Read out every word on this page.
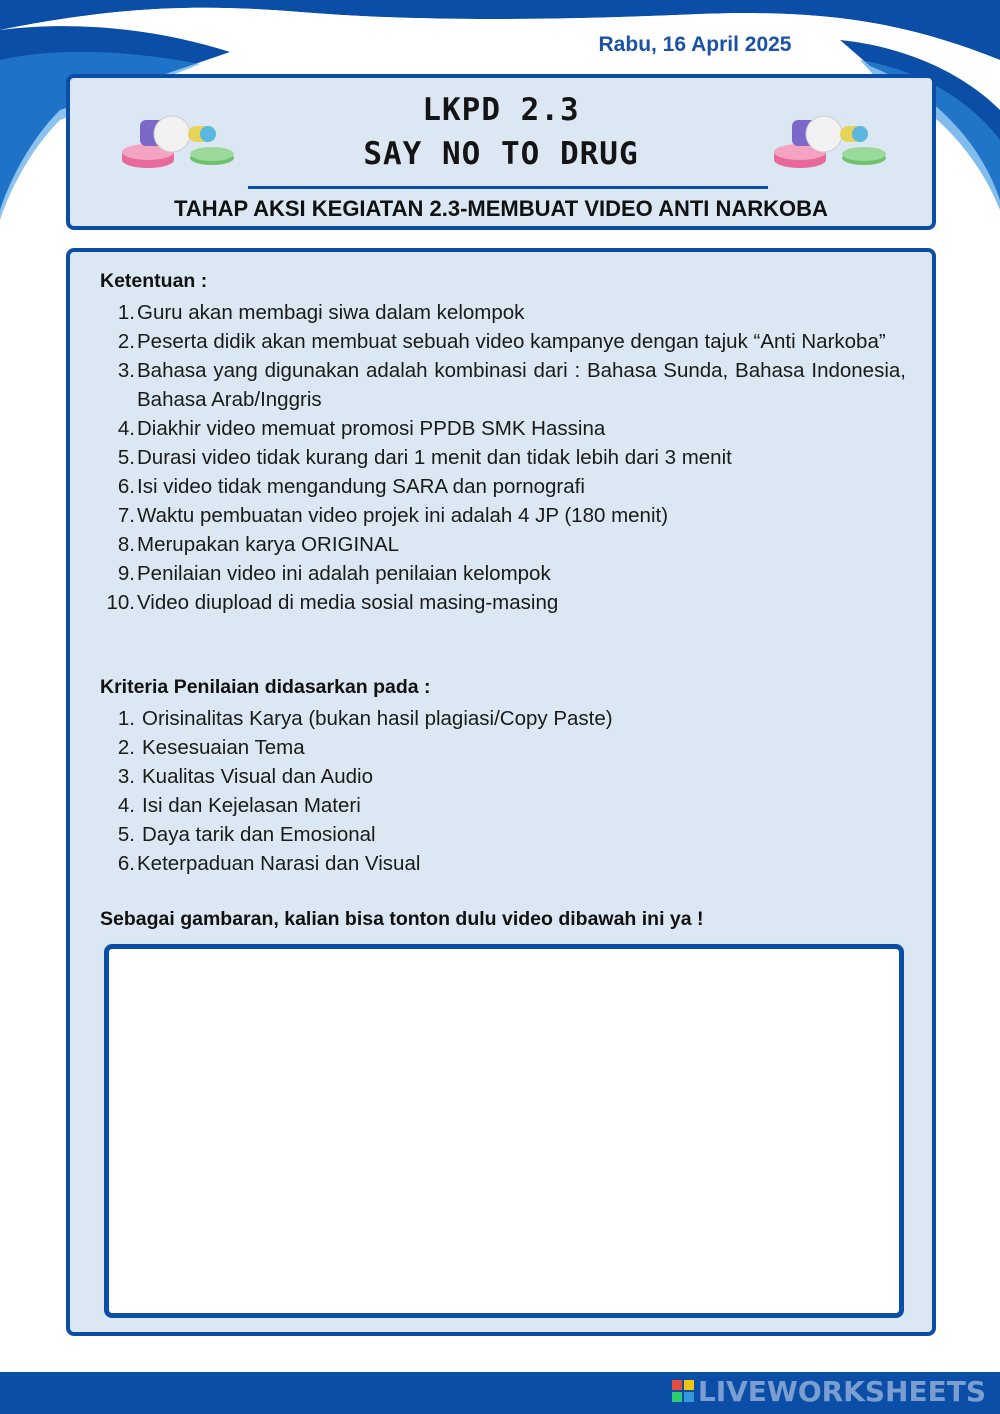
Rabu, 16 April 2025
LKPD 2.3
SAY NO TO DRUG
TAHAP AKSI KEGIATAN 2.3-MEMBUAT VIDEO ANTI NARKOBA
Ketentuan :
1. Guru akan membagi siwa dalam kelompok
2. Peserta didik akan membuat sebuah video kampanye dengan tajuk “Anti Narkoba”
3. Bahasa yang digunakan adalah kombinasi dari : Bahasa Sunda, Bahasa Indonesia, Bahasa Arab/Inggris
4. Diakhir video memuat promosi PPDB SMK Hassina
5. Durasi video tidak kurang dari 1 menit dan tidak lebih dari 3 menit
6. Isi video tidak mengandung SARA dan pornografi
7. Waktu pembuatan video projek ini adalah 4 JP (180 menit)
8. Merupakan karya ORIGINAL
9. Penilaian video ini adalah penilaian kelompok
10. Video diupload di media sosial masing-masing
Kriteria Penilaian didasarkan pada :
1. Orisinalitas Karya (bukan hasil plagiasi/Copy Paste)
2. Kesesuaian Tema
3. Kualitas Visual dan Audio
4. Isi dan Kejelasan Materi
5. Daya tarik dan Emosional
6. Keterpaduan Narasi dan Visual
Sebagai gambaran, kalian bisa tonton dulu video dibawah ini ya !
LIVEWORKSHEETS
